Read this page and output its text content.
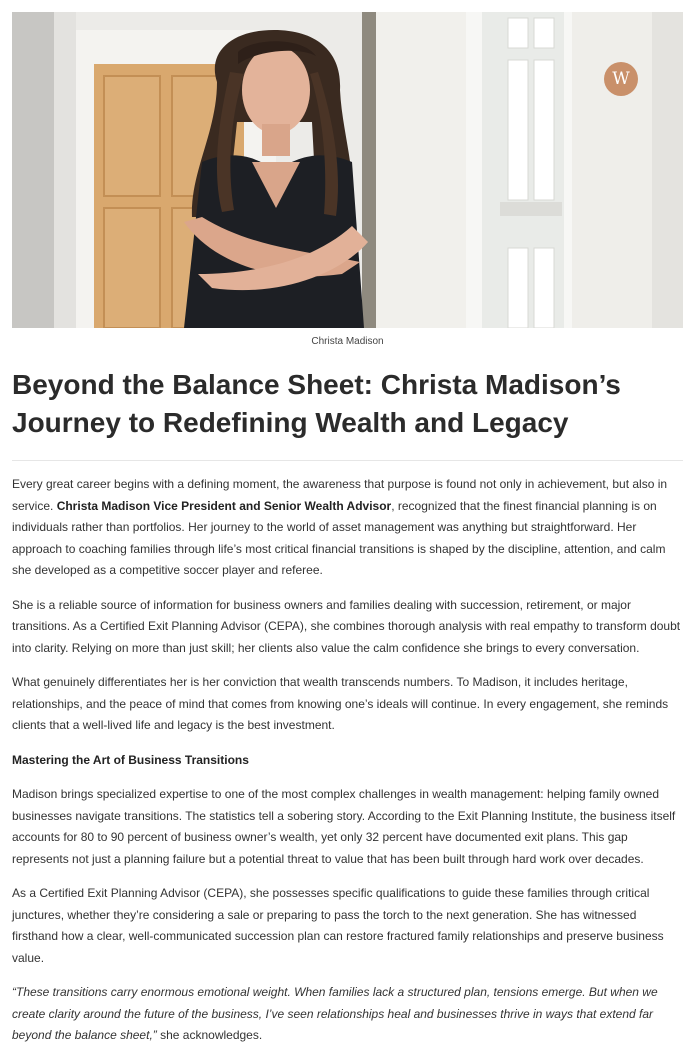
W
Christa Madison
Beyond the Balance Sheet: Christa Madison’s Journey to Redefining Wealth and Legacy

Every great career begins with a defining moment, the awareness that purpose is found not only in achievement, but also in service. Christa Madison Vice President and Senior Wealth Advisor, recognized that the finest financial planning is on individuals rather than portfolios. Her journey to the world of asset management was anything but straightforward. Her approach to coaching families through life’s most critical financial transitions is shaped by the discipline, attention, and calm she developed as a competitive soccer player and referee.

She is a reliable source of information for business owners and families dealing with succession, retirement, or major transitions. As a Certified Exit Planning Advisor (CEPA), she combines thorough analysis with real empathy to transform doubt into clarity. Relying on more than just skill; her clients also value the calm confidence she brings to every conversation.

What genuinely differentiates her is her conviction that wealth transcends numbers. To Madison, it includes heritage, relationships, and the peace of mind that comes from knowing one’s ideals will continue. In every engagement, she reminds clients that a well-lived life and legacy is the best investment.

Mastering the Art of Business Transitions

Madison brings specialized expertise to one of the most complex challenges in wealth management: helping family owned businesses navigate transitions. The statistics tell a sobering story. According to the Exit Planning Institute, the business itself accounts for 80 to 90 percent of business owner’s wealth, yet only 32 percent have documented exit plans. This gap represents not just a planning failure but a potential threat to value that has been built through hard work over decades.

As a Certified Exit Planning Advisor (CEPA), she possesses specific qualifications to guide these families through critical junctures, whether they’re considering a sale or preparing to pass the torch to the next generation. She has witnessed firsthand how a clear, well-communicated succession plan can restore fractured family relationships and preserve business value.

“These transitions carry enormous emotional weight. When families lack a structured plan, tensions emerge. But when we create clarity around the future of the business, I’ve seen relationships heal and businesses thrive in ways that extend far beyond the balance sheet,” she acknowledges.
